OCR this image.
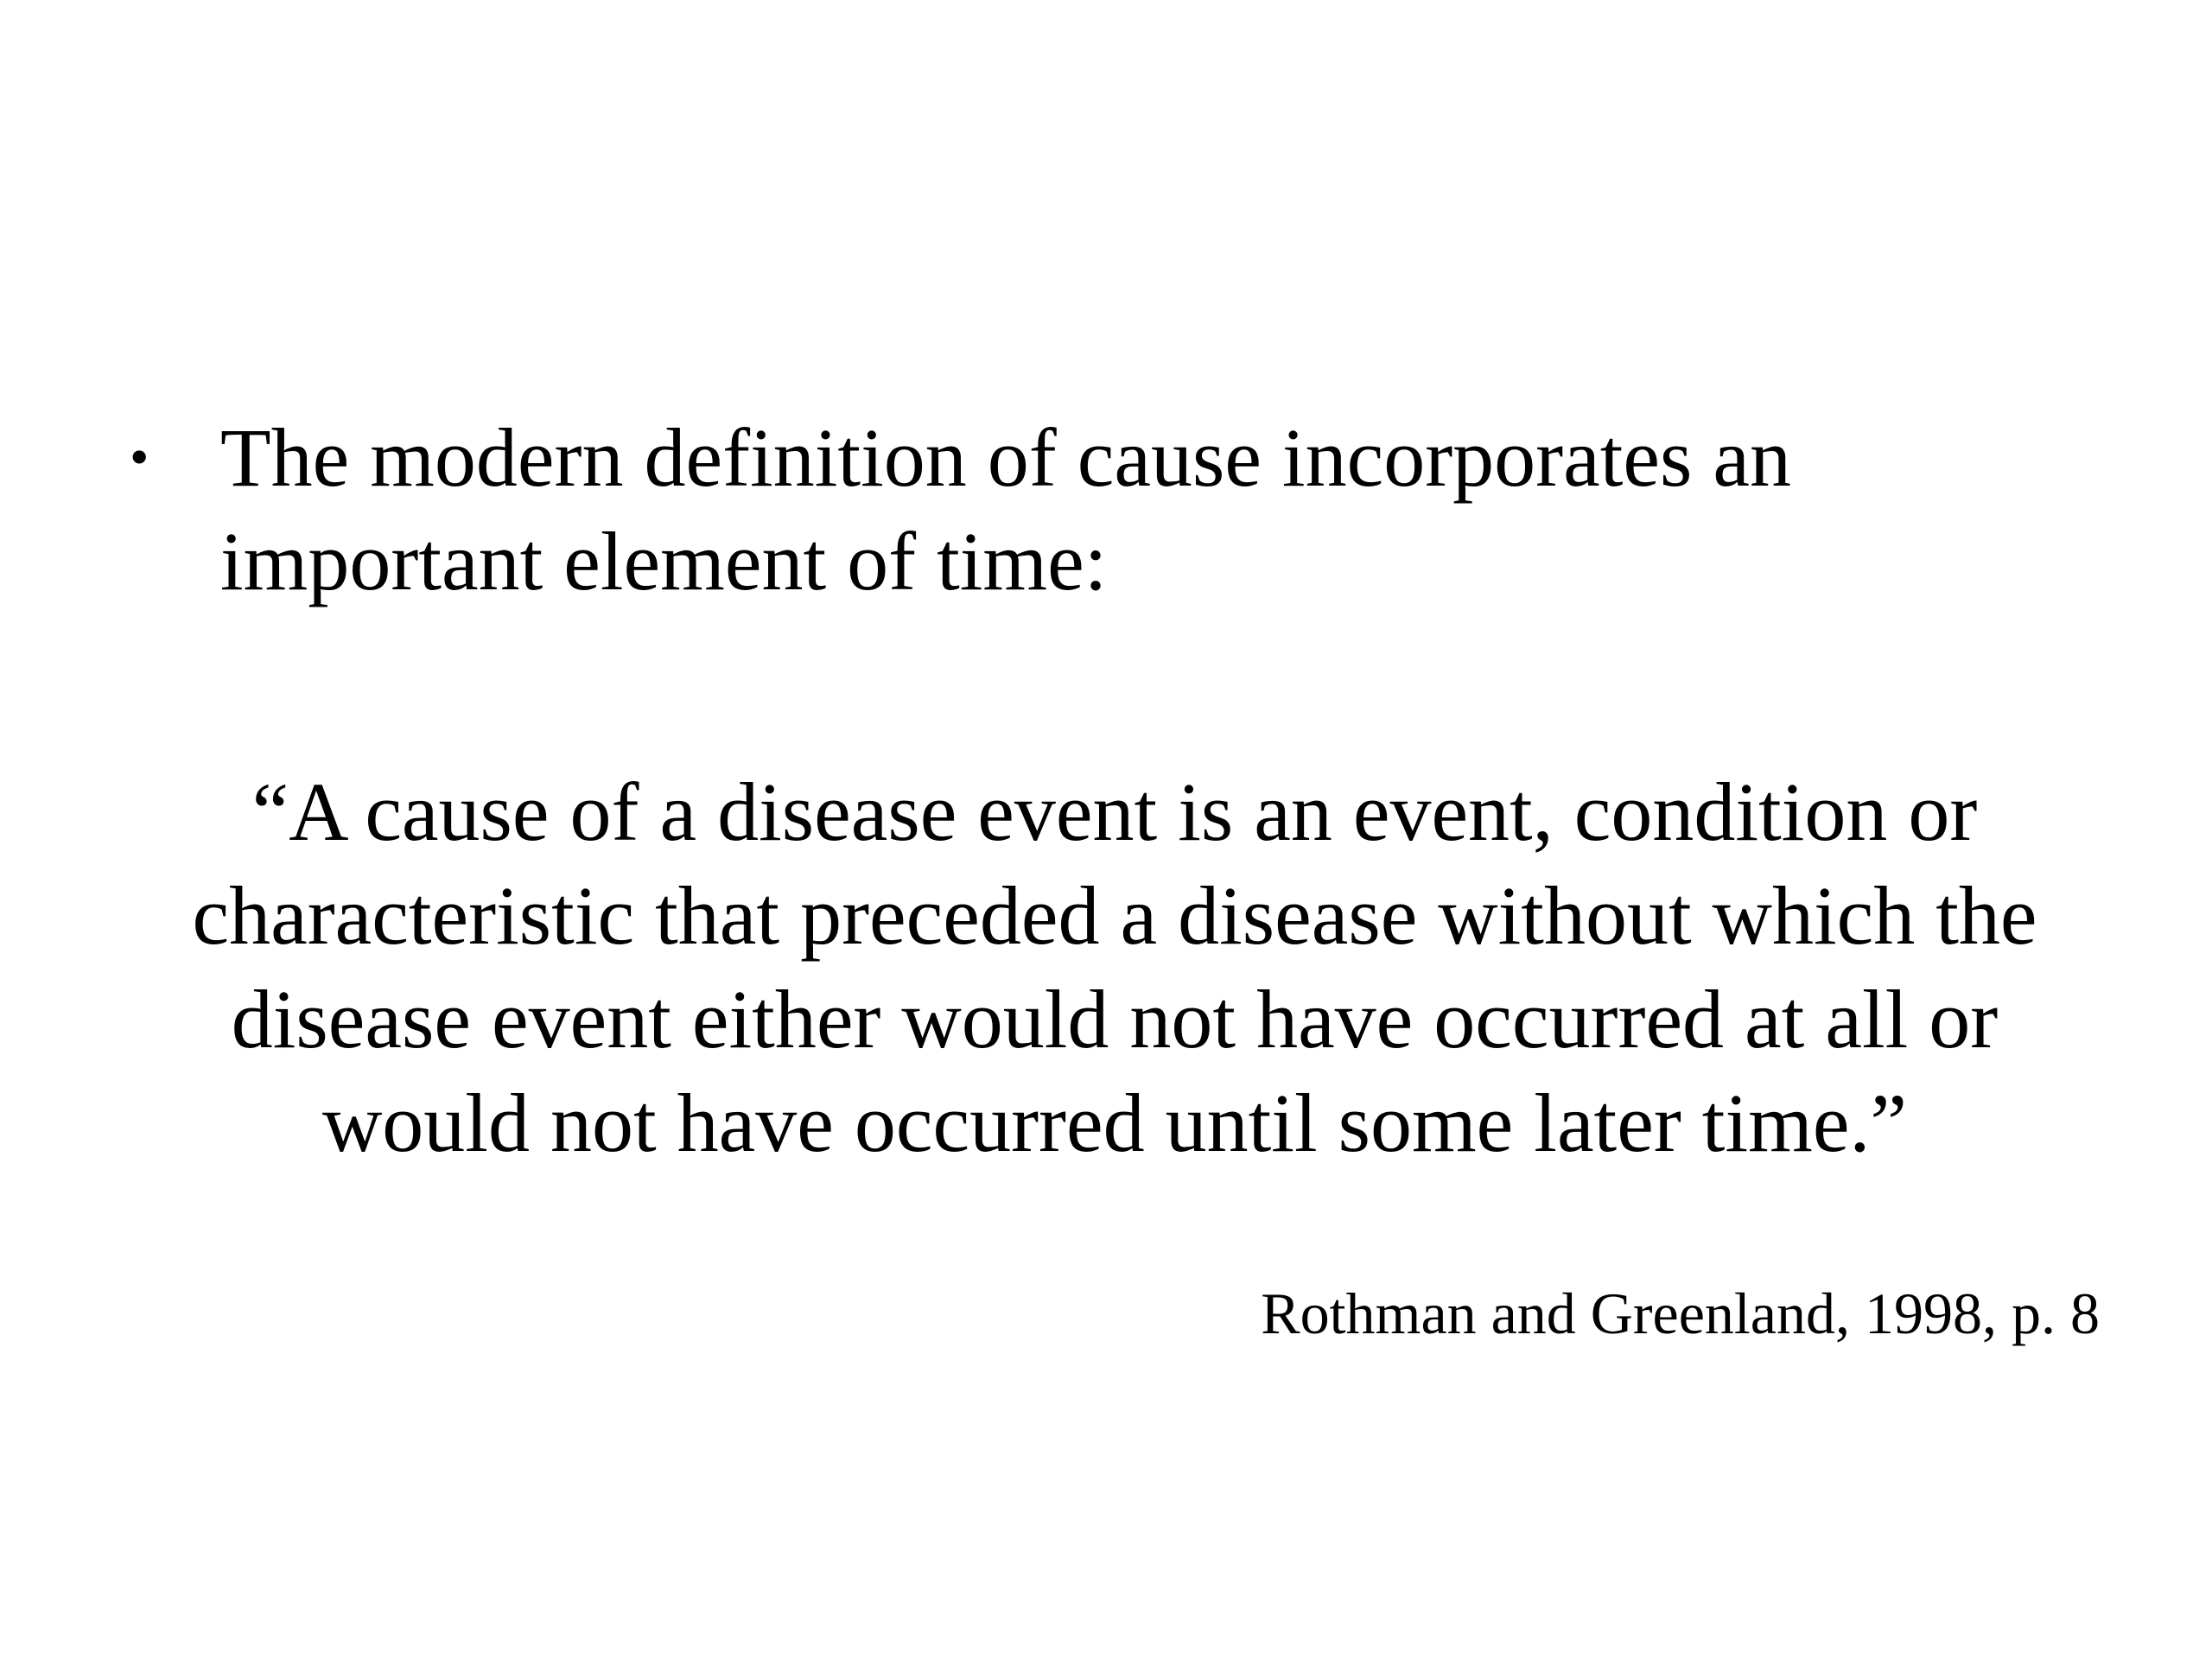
• The modern definition of cause incorporates an important element of time:

“A cause of a disease event is an event, condition or characteristic that preceded a disease without which the disease event either would not have occurred at all or would not have occurred until some later time.”

Rothman and Greenland, 1998, p. 8
